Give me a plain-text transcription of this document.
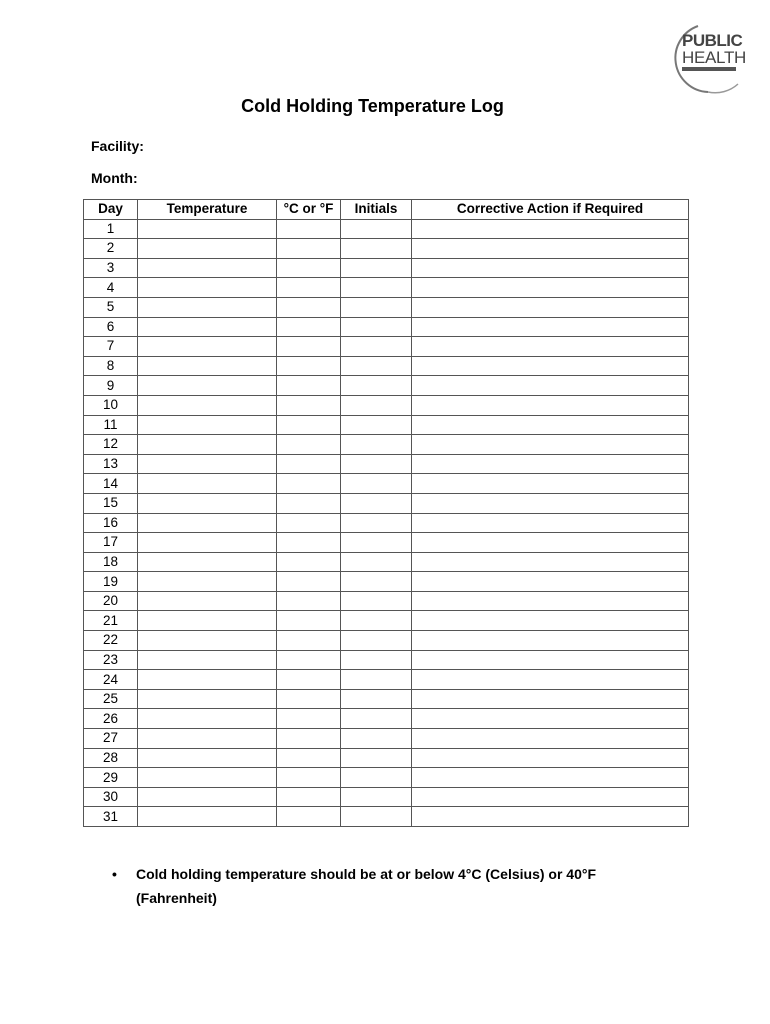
PUBLIC
HEALTH
Cold Holding Temperature Log
Facility:
Month:
Day	Temperature	°C or °F	Initials	Corrective Action if Required
1				
2				
3				
4				
5				
6				
7				
8				
9				
10				
11				
12				
13				
14				
15				
16				
17				
18				
19				
20				
21				
22				
23				
24				
25				
26				
27				
28				
29				
30				
31				
• Cold holding temperature should be at or below 4°C (Celsius) or 40°F (Fahrenheit)
